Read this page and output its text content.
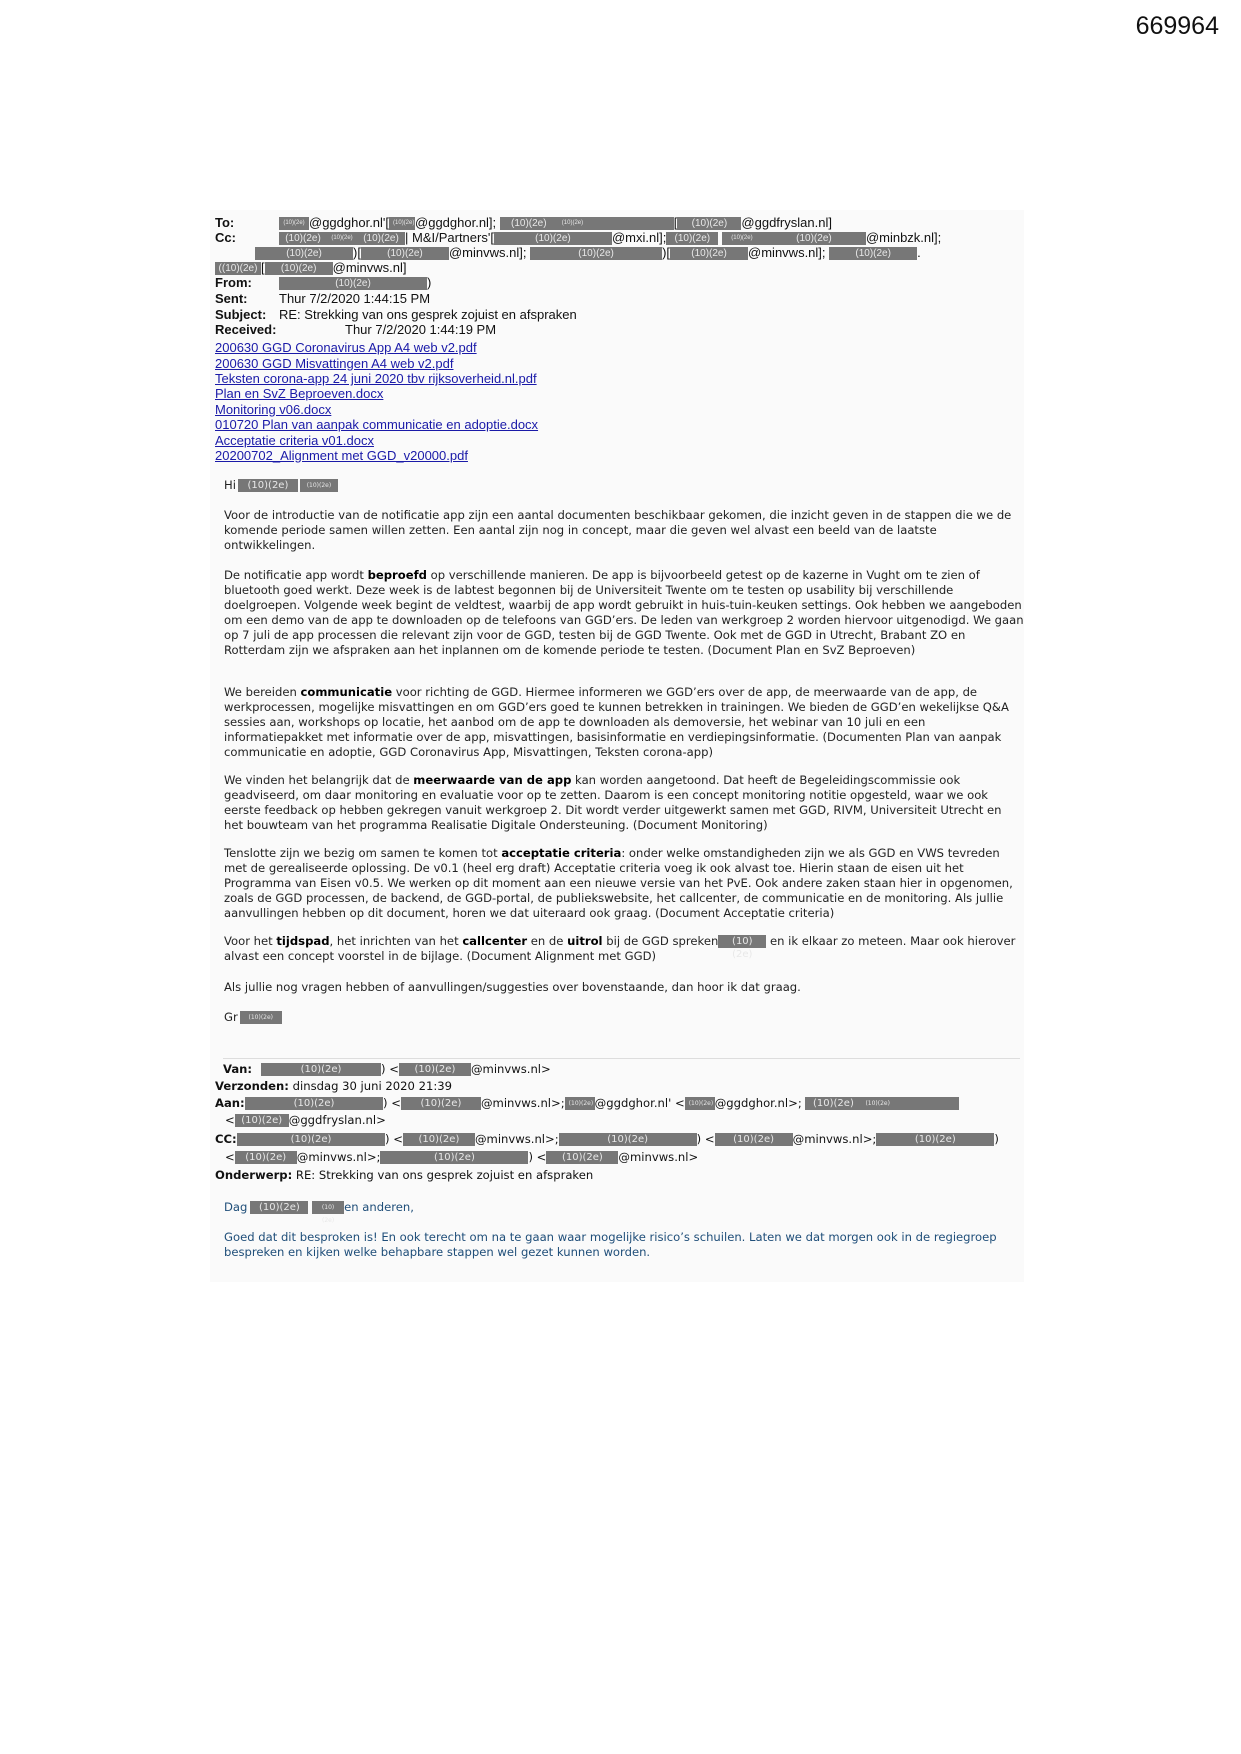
669964
To:	(10)(2e) @ggdghor.nl'[ (10)(2e)@ggdghor.nl]; (10)(2e)	(10)(2e)	[ (10)(2e) @ggdfryslan.nl]
Cc:	(10)(2e) (10)(2e) (10)(2e) | M&I/Partners'[	(10)(2e)	@mxi.nl]; (10)(2e)	(10)(2e)	(10)(2e)	@minbzk.nl];
(10)(2e) )[	(10)(2e) @minvws.nl];	(10)(2e)	)[ (10)(2e) @minvws.nl];	(10)(2e) .
((10)(2e) [ (10)(2e) @minvws.nl]
From:	(10)(2e)	)
Sent: Thur 7/2/2020 1:44:15 PM
Subject: RE: Strekking van ons gesprek zojuist en afspraken
Received:	Thur 7/2/2020 1:44:19 PM
200630 GGD Coronavirus App A4 web v2.pdf
200630 GGD Misvattingen A4 web v2.pdf
Teksten corona-app 24 juni 2020 tbv rijksoverheid.nl.pdf
Plan en SvZ Beproeven.docx
Monitoring v06.docx
010720 Plan van aanpak communicatie en adoptie.docx
Acceptatie criteria v01.docx
20200702_Alignment met GGD_v20000.pdf
Hi (10)(2e)	(10)(2e)

Voor de introductie van de notificatie app zijn een aantal documenten beschikbaar gekomen, die inzicht geven in de stappen die we de komende periode samen willen zetten. Een aantal zijn nog in concept, maar die geven wel alvast een beeld van de laatste ontwikkelingen.

De notificatie app wordt beproefd op verschillende manieren. De app is bijvoorbeeld getest op de kazerne in Vught om te zien of bluetooth goed werkt. Deze week is de labtest begonnen bij de Universiteit Twente om te testen op usability bij verschillende doelgroepen. Volgende week begint de veldtest, waarbij de app wordt gebruikt in huis-tuin-keuken settings. Ook hebben we aangeboden om een demo van de app te downloaden op de telefoons van GGD’ers. De leden van werkgroep 2 worden hiervoor uitgenodigd. We gaan op 7 juli de app processen die relevant zijn voor de GGD, testen bij de GGD Twente. Ook met de GGD in Utrecht, Brabant ZO en Rotterdam zijn we afspraken aan het inplannen om de komende periode te testen. (Document Plan en SvZ Beproeven)

We bereiden communicatie voor richting de GGD. Hiermee informeren we GGD’ers over de app, de meerwaarde van de app, de werkprocessen, mogelijke misvattingen en om GGD’ers goed te kunnen betrekken in trainingen. We bieden de GGD’en wekelijkse Q&A sessies aan, workshops op locatie, het aanbod om de app te downloaden als demoversie, het webinar van 10 juli en een informatiepakket met informatie over de app, misvattingen, basisinformatie en verdiepingsinformatie. (Documenten Plan van aanpak communicatie en adoptie, GGD Coronavirus App, Misvattingen, Teksten corona-app)

We vinden het belangrijk dat de meerwaarde van de app kan worden aangetoond. Dat heeft de Begeleidingscommissie ook geadviseerd, om daar monitoring en evaluatie voor op te zetten. Daarom is een concept monitoring notitie opgesteld, waar we ook eerste feedback op hebben gekregen vanuit werkgroep 2. Dit wordt verder uitgewerkt samen met GGD, RIVM, Universiteit Utrecht en het bouwteam van het programma Realisatie Digitale Ondersteuning. (Document Monitoring)

Tenslotte zijn we bezig om samen te komen tot acceptatie criteria: onder welke omstandigheden zijn we als GGD en VWS tevreden met de gerealiseerde oplossing. De v0.1 (heel erg draft) Acceptatie criteria voeg ik ook alvast toe. Hierin staan de eisen uit het Programma van Eisen v0.5. We werken op dit moment aan een nieuwe versie van het PvE. Ook andere zaken staan hier in opgenomen, zoals de GGD processen, de backend, de GGD-portal, de publiekswebsite, het callcenter, de communicatie en de monitoring. Als jullie aanvullingen hebben op dit document, horen we dat uiteraard ook graag. (Document Acceptatie criteria)

Voor het tijdspad, het inrichten van het callcenter en de uitrol bij de GGD spreken (10)(2e) en ik elkaar zo meteen. Maar ook hierover alvast een concept voorstel in de bijlage. (Document Alignment met GGD)

Als jullie nog vragen hebben of aanvullingen/suggesties over bovenstaande, dan hoor ik dat graag.

Gr (10)(2e)
Van:	(10)(2e)	) < (10)(2e) @minvws.nl>
Verzonden: dinsdag 30 juni 2020 21:39
Aan:	(10)(2e)	) < (10)(2e) @minvws.nl>; (10)(2e)@ggdghor.nl' < (10)(2e)@ggdghor.nl>; (10)(2e) (10)(2e)
< (10)(2e) @ggdfryslan.nl>
CC:	(10)(2e)	) < (10)(2e) @minvws.nl>;	(10)(2e)	) < (10)(2e) @minvws.nl>;	(10)(2e)	)
< (10)(2e) @minvws.nl>;	(10)(2e)	) < (10)(2e) @minvws.nl>
Onderwerp: RE: Strekking van ons gesprek zojuist en afspraken
Dag (10)(2e)	(10)(2e)en anderen,

Goed dat dit besproken is! En ook terecht om na te gaan waar mogelijke risico’s schuilen. Laten we dat morgen ook in de regiegroep bespreken en kijken welke behapbare stappen wel gezet kunnen worden.
